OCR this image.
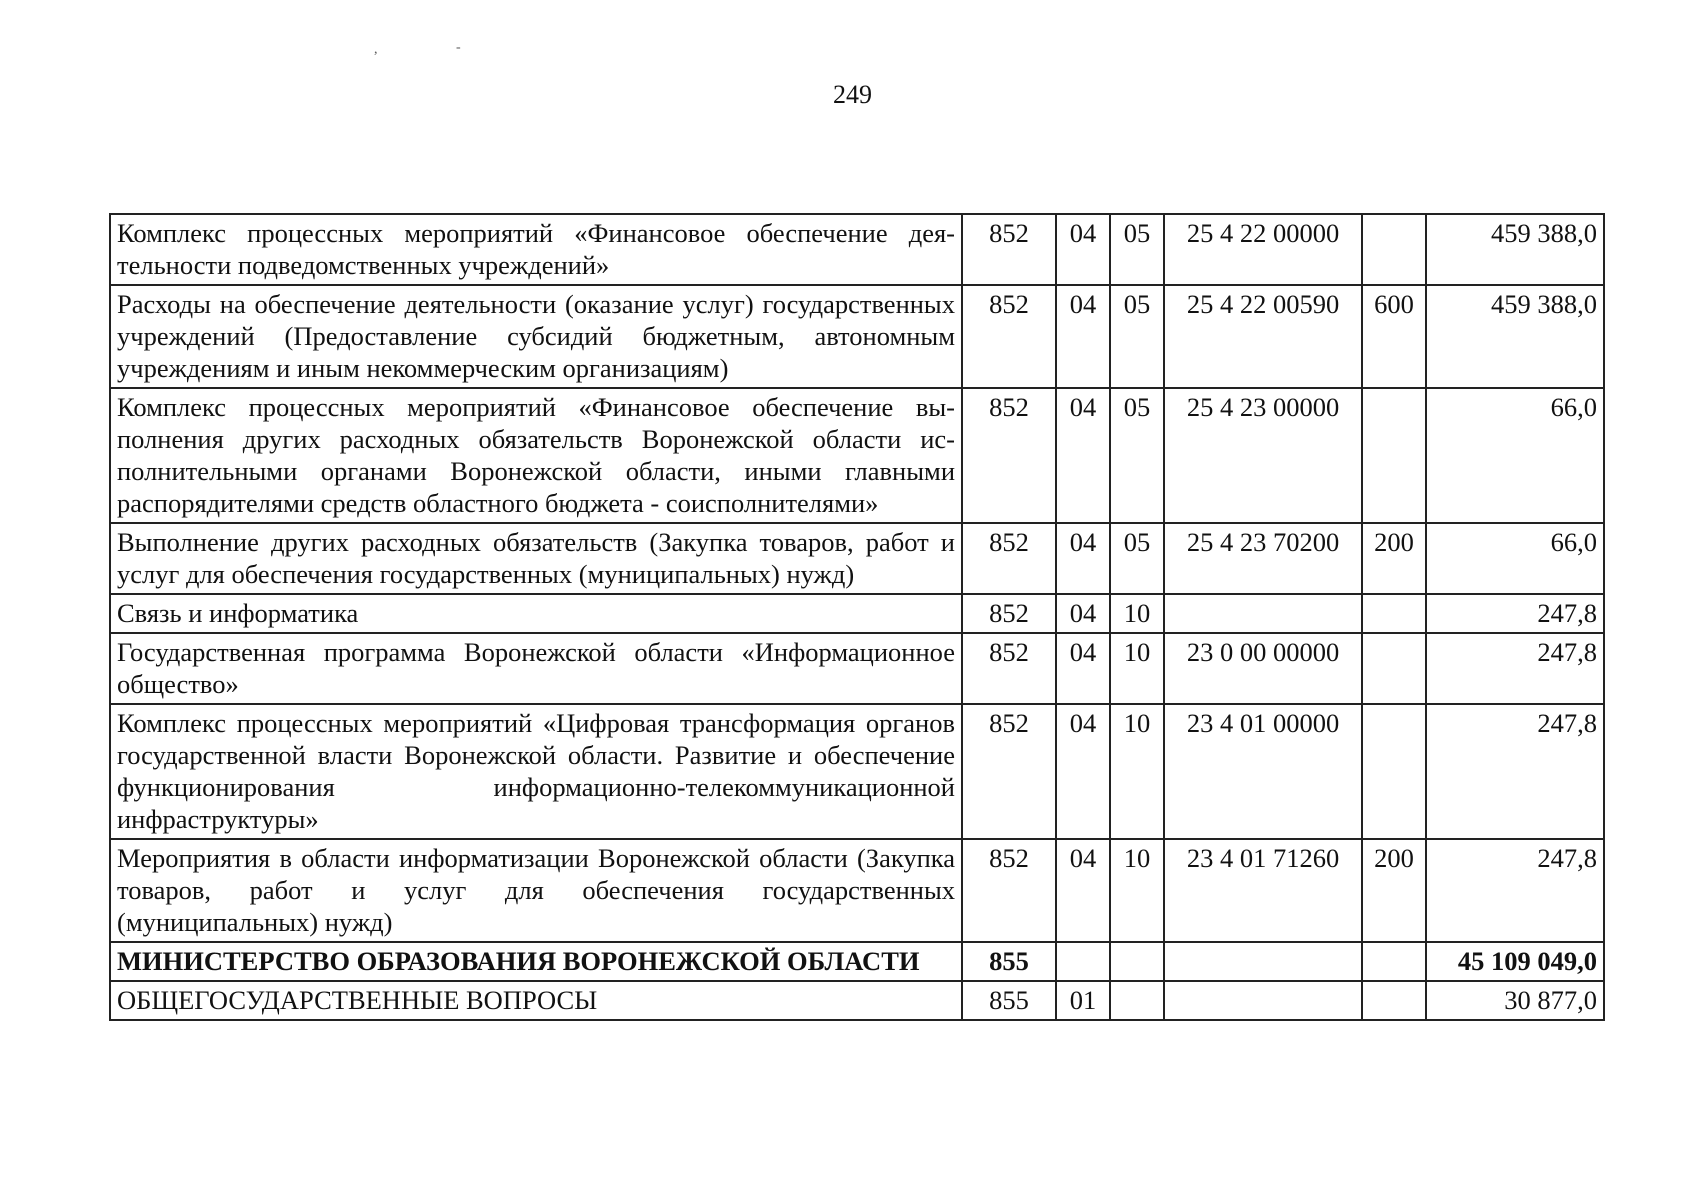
249
,	-
Комплекс процессных мероприятий «Финансовое обеспечение деятельности подведомственных учреждений»	852	04	05	25 4 22 00000		459 388,0
Расходы на обеспечение деятельности (оказание услуг) государственных учреждений (Предоставление субсидий бюджетным, автономным учреждениям и иным некоммерческим организациям)	852	04	05	25 4 22 00590	600	459 388,0
Комплекс процессных мероприятий «Финансовое обеспечение выполнения других расходных обязательств Воронежской области исполнительными органами Воронежской области, иными главными распорядителями средств областного бюджета - соисполнителями»	852	04	05	25 4 23 00000		66,0
Выполнение других расходных обязательств (Закупка товаров, работ и услуг для обеспечения государственных (муниципальных) нужд)	852	04	05	25 4 23 70200	200	66,0
Связь и информатика	852	04	10			247,8
Государственная программа Воронежской области «Информационное общество»	852	04	10	23 0 00 00000		247,8
Комплекс процессных мероприятий «Цифровая трансформация органов государственной власти Воронежской области. Развитие и обеспечение функционирования информационно-телекоммуникационной инфраструктуры»	852	04	10	23 4 01 00000		247,8
Мероприятия в области информатизации Воронежской области (Закупка товаров, работ и услуг для обеспечения государственных (муниципальных) нужд)	852	04	10	23 4 01 71260	200	247,8
МИНИСТЕРСТВО ОБРАЗОВАНИЯ ВОРОНЕЖСКОЙ ОБЛАСТИ	855					45 109 049,0
ОБЩЕГОСУДАРСТВЕННЫЕ ВОПРОСЫ	855	01				30 877,0
